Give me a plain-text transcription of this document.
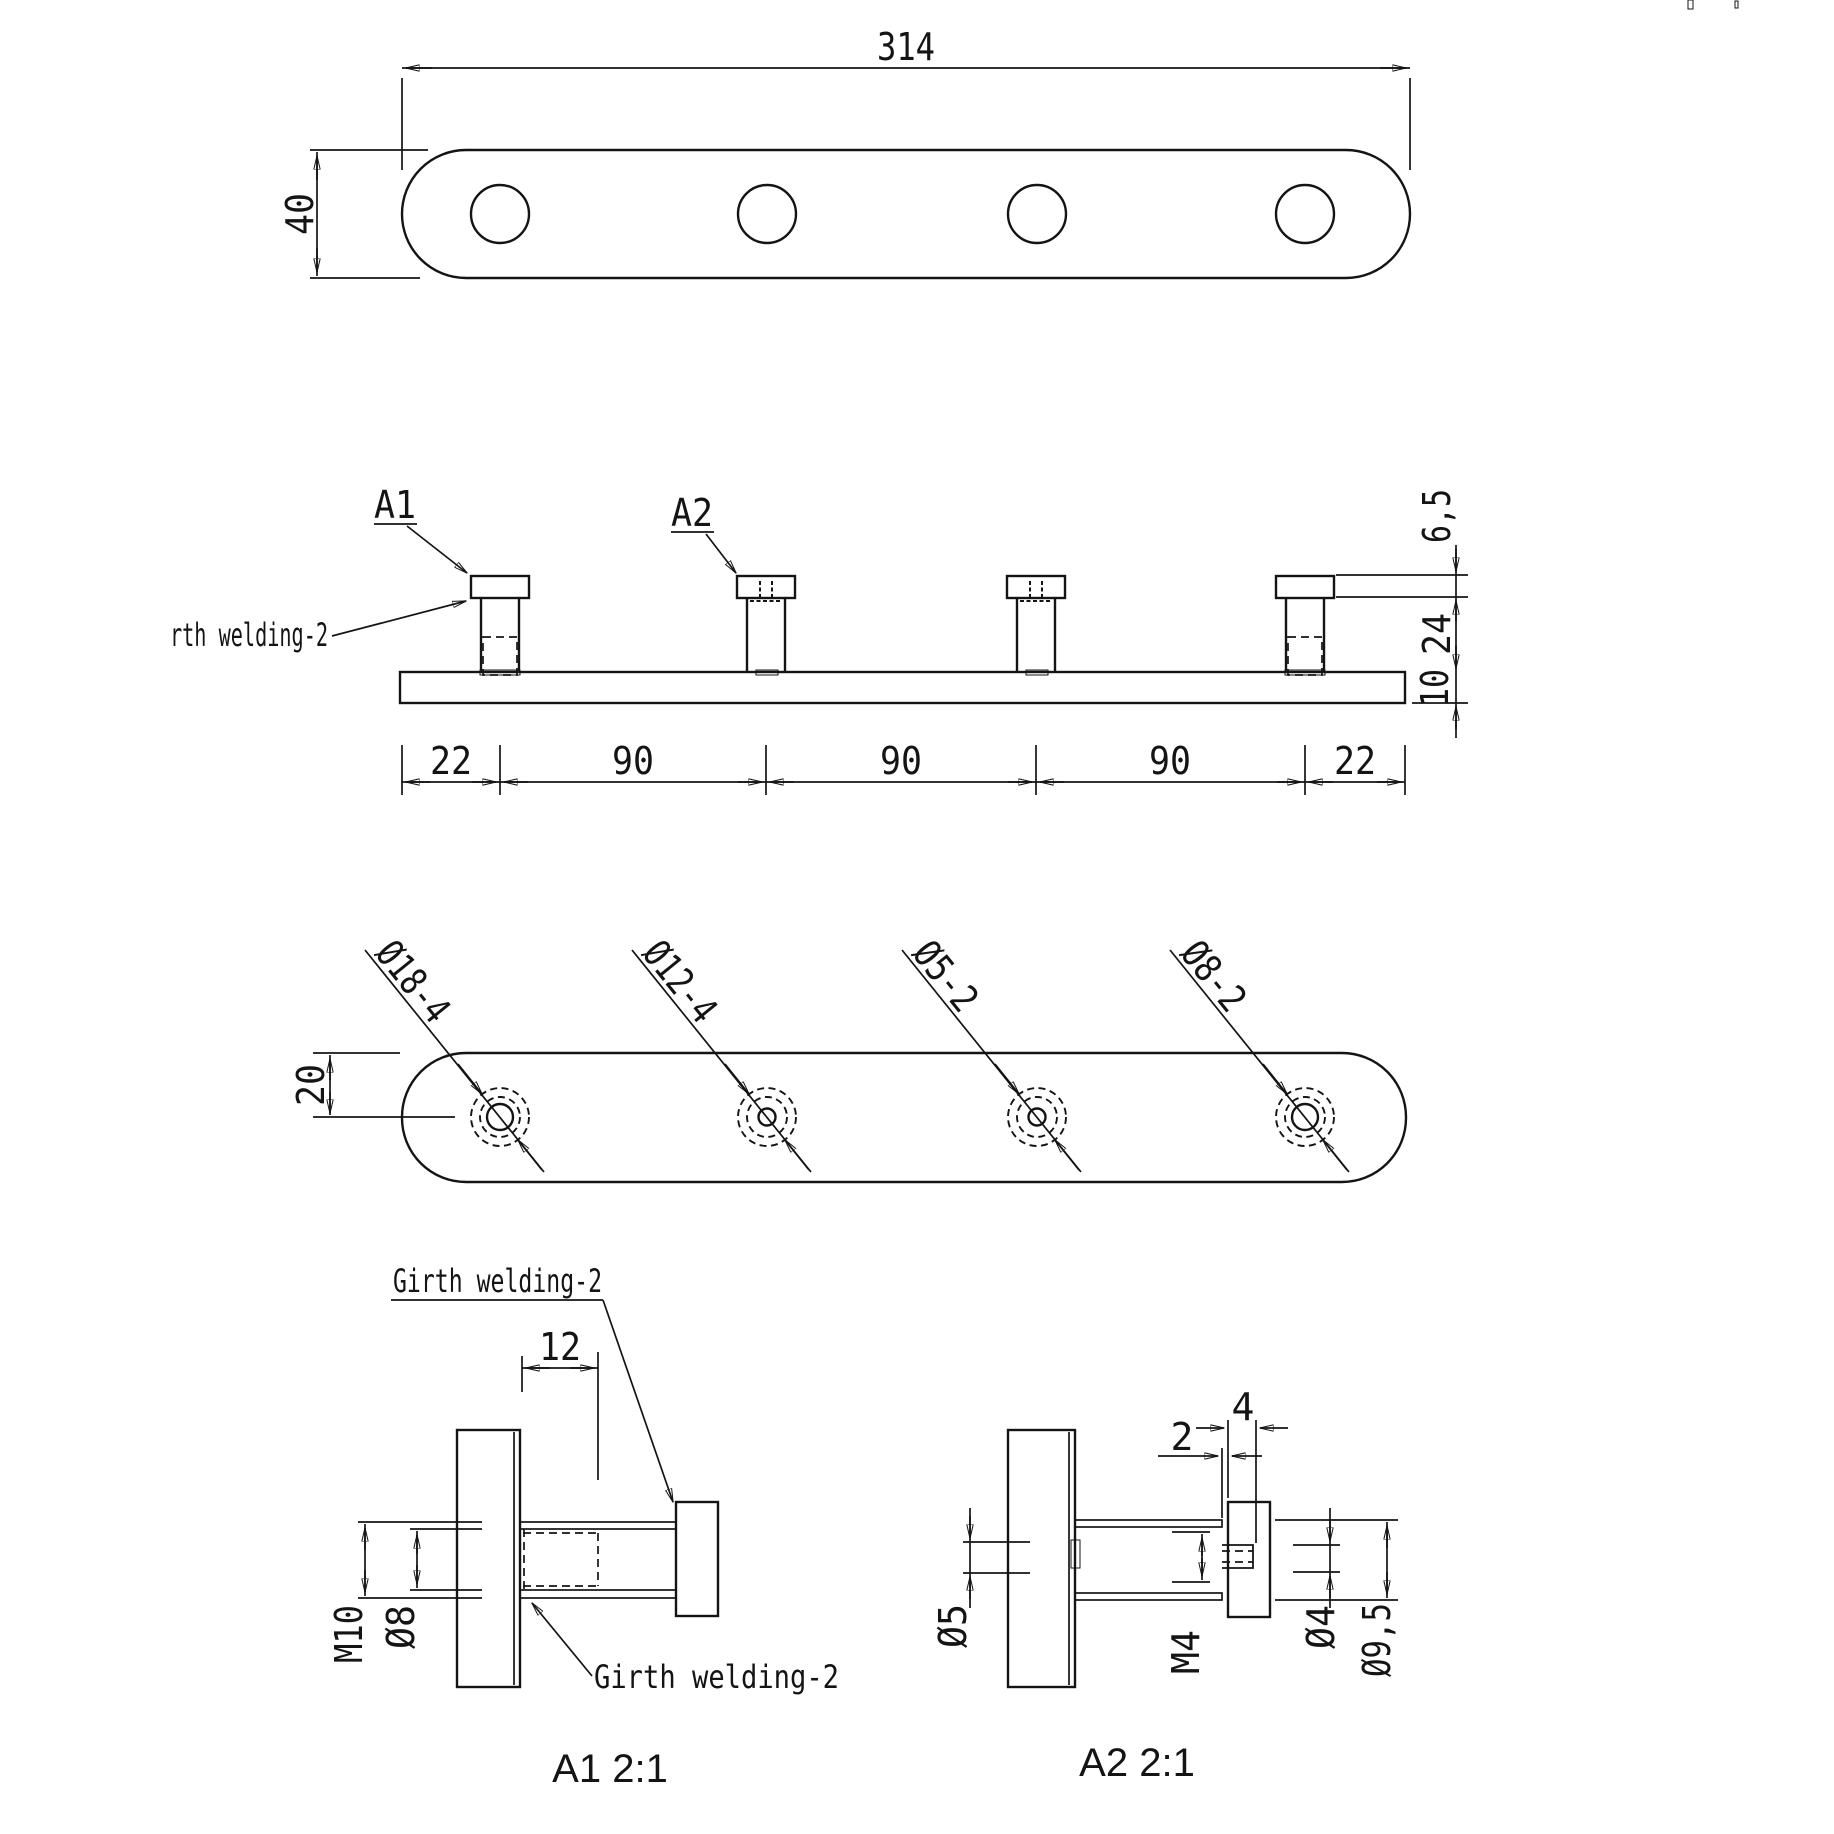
314
40
A1	A2
rth welding-2
6,5
24
10
22	90	90	90	22
Ø18-4	Ø12-4	Ø5-2	Ø8-2
20
Girth welding-2
12
M10 Ø8
Girth welding-2
A1 2:1
4
2
Ø5
M4
Ø4 Ø9,5
A2 2:1
